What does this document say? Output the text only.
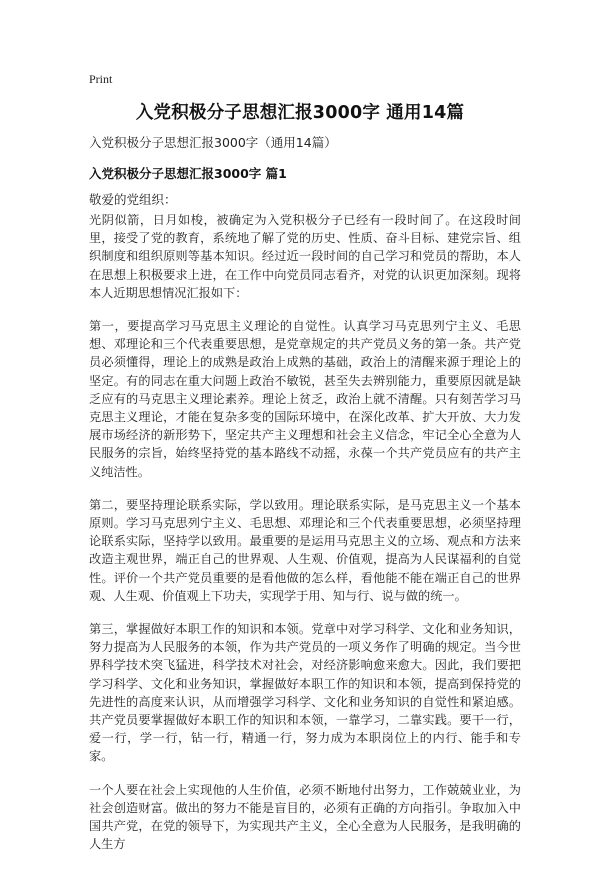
Print
入党积极分子思想汇报3000字 通用14篇
入党积极分子思想汇报3000字（通用14篇）
入党积极分子思想汇报3000字 篇1
敬爱的党组织：

光阴似箭，日月如梭，被确定为入党积极分子已经有一段时间了。在这段时间里，接受了党的教育，系统地了解了党的历史、性质、奋斗目标、建党宗旨、组织制度和组织原则等基本知识。经过近一段时间的自己学习和党员的帮助，本人在思想上积极要求上进，在工作中向党员同志看齐，对党的认识更加深刻。现将本人近期思想情况汇报如下：

第一，要提高学习马克思主义理论的自觉性。认真学习马克思列宁主义、毛思想、邓理论和三个代表重要思想，是党章规定的共产党员义务的第一条。共产党员必须懂得，理论上的成熟是政治上成熟的基础，政治上的清醒来源于理论上的坚定。有的同志在重大问题上政治不敏锐，甚至失去辨别能力，重要原因就是缺乏应有的马克思主义理论素养。理论上贫乏，政治上就不清醒。只有刻苦学习马克思主义理论，才能在复杂多变的国际环境中，在深化改革、扩大开放、大力发展市场经济的新形势下，坚定共产主义理想和社会主义信念，牢记全心全意为人民服务的宗旨，始终坚持党的基本路线不动摇，永葆一个共产党员应有的共产主义纯洁性。

第二，要坚持理论联系实际，学以致用。理论联系实际，是马克思主义一个基本原则。学习马克思列宁主义、毛思想、邓理论和三个代表重要思想，必须坚持理论联系实际，坚持学以致用。最重要的是运用马克思主义的立场、观点和方法来改造主观世界，端正自己的世界观、人生观、价值观，提高为人民谋福利的自觉性。评价一个共产党员重要的是看他做的怎么样，看他能不能在端正自己的世界观、人生观、价值观上下功夫，实现学于用、知与行、说与做的统一。

第三，掌握做好本职工作的知识和本领。党章中对学习科学、文化和业务知识，努力提高为人民服务的本领，作为共产党员的一项义务作了明确的规定。当今世界科学技术突飞猛进，科学技术对社会，对经济影响愈来愈大。因此，我们要把学习科学、文化和业务知识，掌握做好本职工作的知识和本领，提高到保持党的先进性的高度来认识，从而增强学习科学、文化和业务知识的自觉性和紧迫感。共产党员要掌握做好本职工作的知识和本领，一靠学习，二靠实践。要干一行，爱一行，学一行，钻一行，精通一行，努力成为本职岗位上的内行、能手和专家。

一个人要在社会上实现他的人生价值，必须不断地付出努力，工作兢兢业业，为社会创造财富。做出的努力不能是盲目的，必须有正确的方向指引。争取加入中国共产党，在党的领导下，为实现共产主义，全心全意为人民服务，是我明确的人生方
